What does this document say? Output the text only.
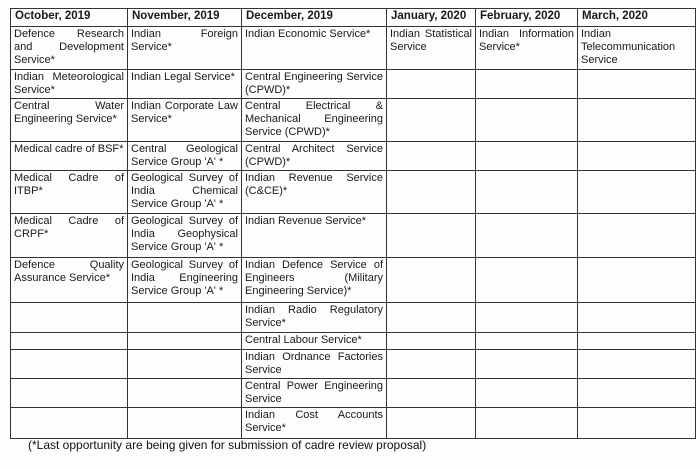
October, 2019	November, 2019	December, 2019	January, 2020	February, 2020	March, 2020
Defence Research and Development Service*	Indian Foreign Service*	Indian Economic Service*	Indian Statistical Service	Indian Information Service*	Indian Telecommunication Service
Indian Meteorological Service*	Indian Legal Service*	Central Engineering Service (CPWD)*			
Central Water Engineering Service*	Indian Corporate Law Service*	Central Electrical & Mechanical Engineering Service (CPWD)*			
Medical cadre of BSF*	Central Geological Service Group 'A' *	Central Architect Service (CPWD)*			
Medical Cadre of ITBP*	Geological Survey of India Chemical Service Group 'A' *	Indian Revenue Service (C&CE)*			
Medical Cadre of CRPF*	Geological Survey of India Geophysical Service Group 'A' *	Indian Revenue Service*			
Defence Quality Assurance Service*	Geological Survey of India Engineering Service Group 'A' *	Indian Defence Service of Engineers (Military Engineering Service)*			
		Indian Radio Regulatory Service*			
		Central Labour Service*			
		Indian Ordnance Factories Service			
		Central Power Engineering Service			
		Indian Cost Accounts Service*			
(*Last opportunity are being given for submission of cadre review proposal)
